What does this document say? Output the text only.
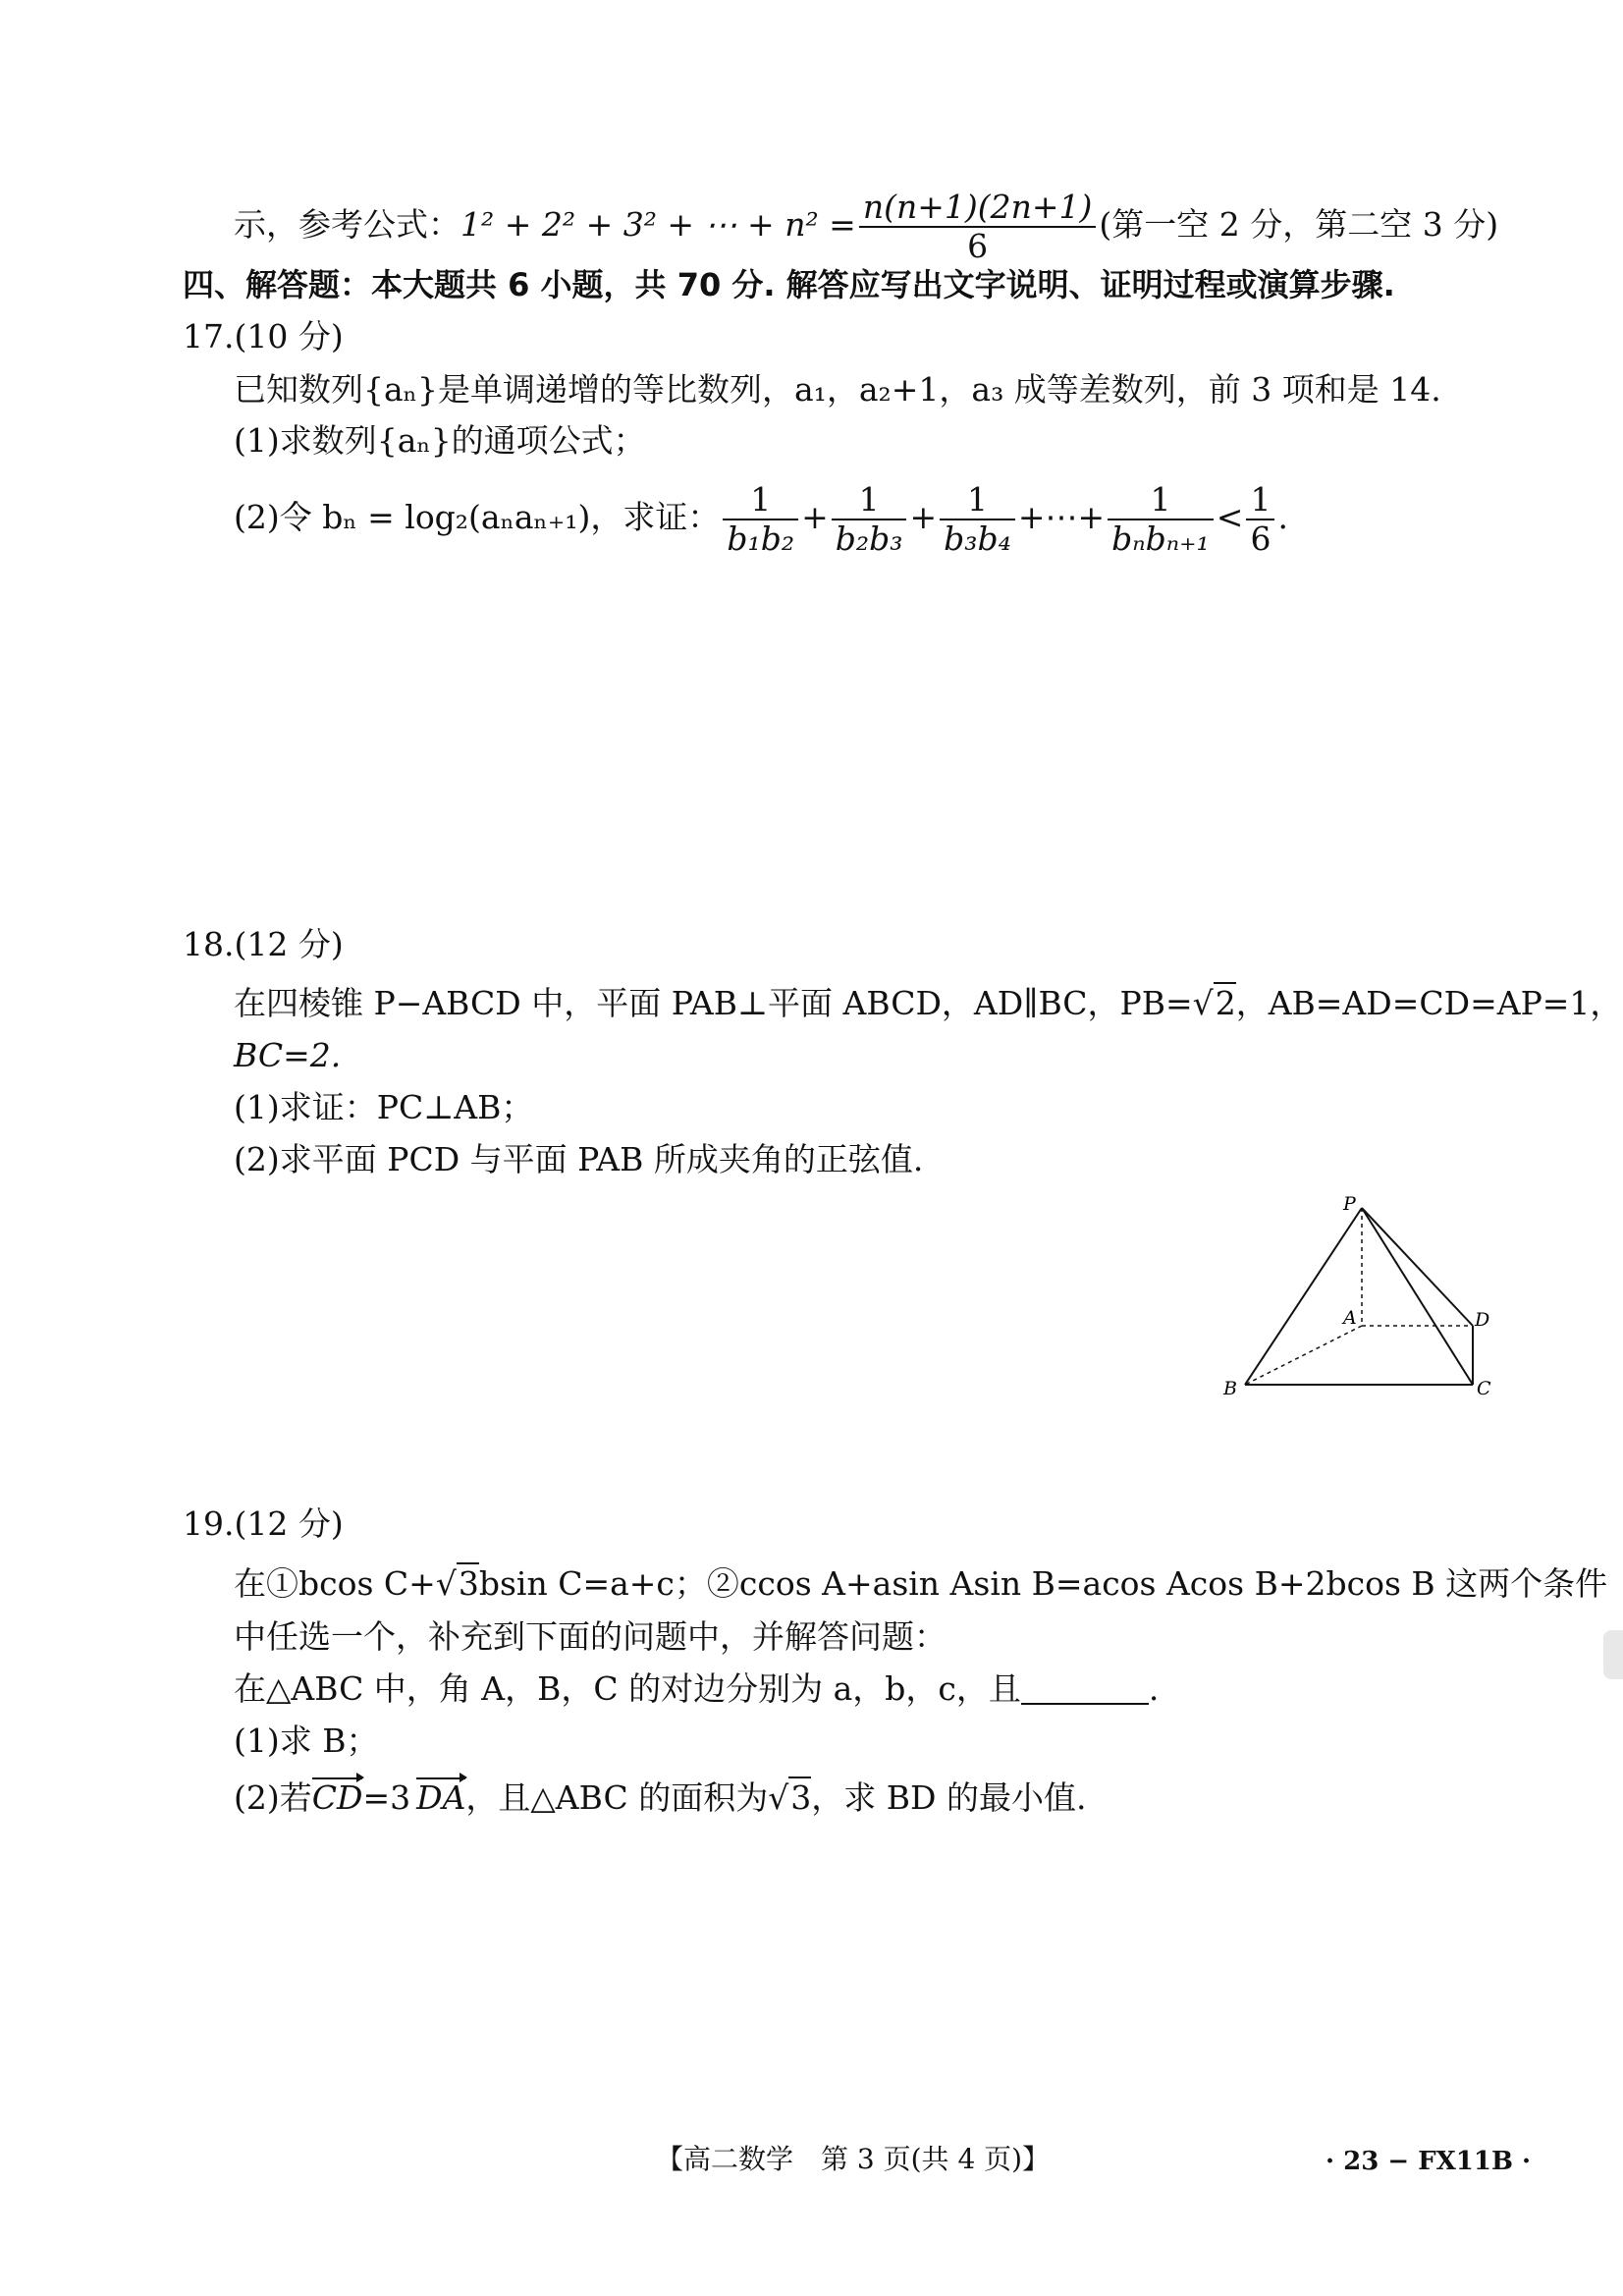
示，参考公式：1² + 2² + 3² + ⋯ + $n^2 = \frac{n(n+1)(2n+1)}{6}$ (第一空 2 分，第二空 3 分)
四、解答题：本大题共 6 小题，共 70 分. 解答应写出文字说明、证明过程或演算步骤.
17.(10 分)
已知数列{aₙ}是单调递增的等比数列，a₁，a₂+1，a₃ 成等差数列，前 3 项和是 14.
(1)求数列{aₙ}的通项公式；
(2)令 bₙ = log₂(aₙaₙ₊₁)，求证： $\frac{1}{\text{b₁b₂}} + \frac{1}{\text{b₂b₃}} + \frac{1}{\text{b₃b₄}}$ +⋯+ $\frac{1}{\text{bₙbₙ₊₁}} < \frac{1}{6}$ .
18.(12 分)
在四棱锥 P−ABCD 中，平面 PAB⊥平面 ABCD，AD∥BC，PB=√2，AB=AD=CD=AP=1，
BC=2.
(1)求证：PC⊥AB；
(2)求平面 PCD 与平面 PAB 所成夹角的正弦值.
P
A
B	C
D
19.(12 分)
在①bcos C+√3bsin C=a+c；②ccos A+asin Asin B=acos Acos B+2bcos B 这两个条件
中任选一个，补充到下面的问题中，并解答问题：
在△ABC 中，角 A，B，C 的对边分别为 a，b，c，且	.
(1)求 B；
(2)若CD=3 DA，且△ABC 的面积为√3，求 BD 的最小值.
【高二数学　第 3 页(共 4 页)】	· 23 − FX11B ·
